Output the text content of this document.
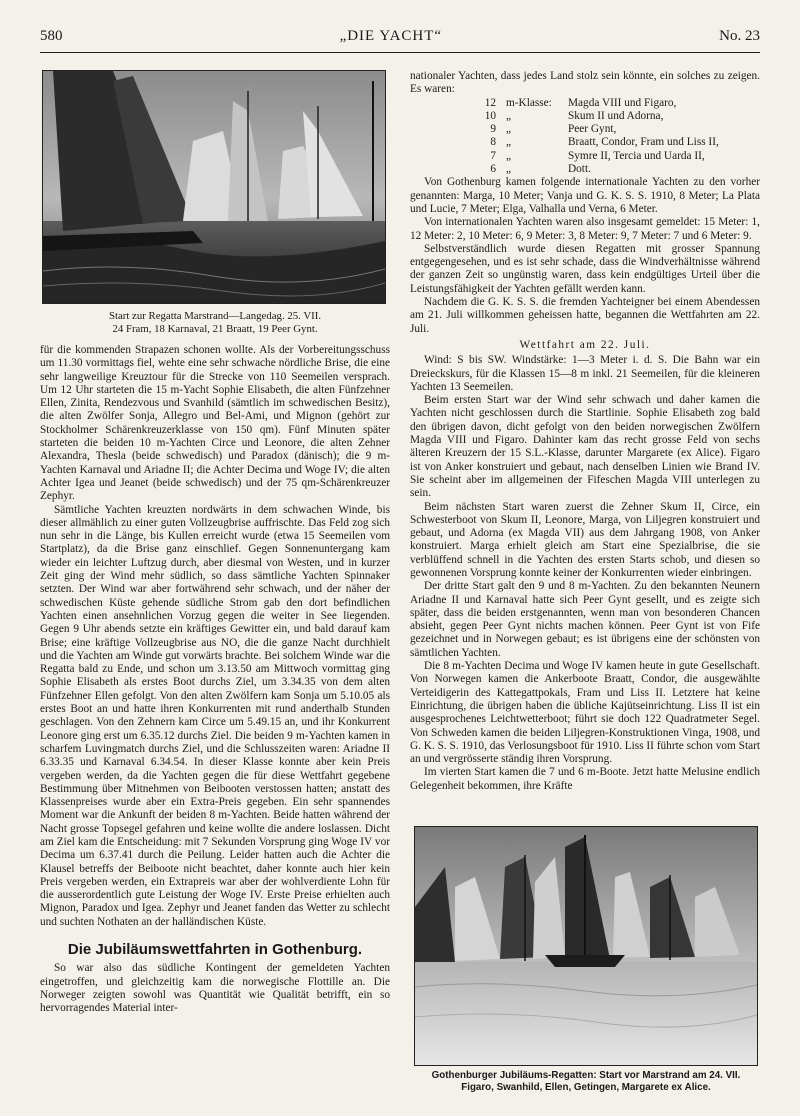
580	„DIE YACHT“	No. 23
Start zur Regatta Marstrand—Langedag. 25. VII.
24 Fram, 18 Karnaval, 21 Braatt, 19 Peer Gynt.

für die kommenden Strapazen schonen wollte. Als der Vorbereitungsschuss um 11.30 vormittags fiel, wehte eine sehr schwache nördliche Brise, die eine sehr langweilige Kreuztour für die Strecke von 110 Seemeilen versprach. Um 12 Uhr starteten die 15 m-Yacht Sophie Elisabeth, die alten Fünfzehner Ellen, Zinita, Rendezvous und Svanhild (sämtlich im schwedischen Besitz), die alten Zwölfer Sonja, Allegro und Bel-Ami, und Mignon (gehört zur Stockholmer Schärenkreuzerklasse von 150 qm). Fünf Minuten später starteten die beiden 10 m-Yachten Circe und Leonore, die alten Zehner Alexandra, Thesla (beide schwedisch) und Paradox (dänisch); die 9 m-Yachten Karnaval und Ariadne II; die Achter Decima und Woge IV; die alten Achter Igea und Jeanet (beide schwedisch) und der 75 qm-Schärenkreuzer Zephyr.

Sämtliche Yachten kreuzten nordwärts in dem schwachen Winde, bis dieser allmählich zu einer guten Vollzeugbrise auffrischte. Das Feld zog sich nun sehr in die Länge, bis Kullen erreicht wurde (etwa 15 Seemeilen vom Startplatz), da die Brise ganz einschlief. Gegen Sonnenuntergang kam wieder ein leichter Luftzug durch, aber diesmal von Westen, und in kurzer Zeit ging der Wind mehr südlich, so dass sämtliche Yachten Spinnaker setzten. Der Wind war aber fortwährend sehr schwach, und der näher der schwedischen Küste gehende südliche Strom gab den dort befindlichen Yachten einen ansehnlichen Vorzug gegen die weiter in See liegenden. Gegen 9 Uhr abends setzte ein kräftiges Gewitter ein, und bald darauf kam Brise; eine kräftige Vollzeugbrise aus NO, die die ganze Nacht durchhielt und die Yachten am Winde gut vorwärts brachte. Bei solchem Winde war die Regatta bald zu Ende, und schon um 3.13.50 am Mittwoch vormittag ging Sophie Elisabeth als erstes Boot durchs Ziel, um 3.34.35 von dem alten Fünfzehner Ellen gefolgt. Von den alten Zwölfern kam Sonja um 5.10.05 als erstes Boot an und hatte ihren Konkurrenten mit rund anderthalb Stunden geschlagen. Von den Zehnern kam Circe um 5.49.15 an, und ihr Konkurrent Leonore ging erst um 6.35.12 durchs Ziel. Die beiden 9 m-Yachten kamen in scharfem Luvingmatch durchs Ziel, und die Schlusszeiten waren: Ariadne II 6.33.35 und Karnaval 6.34.54. In dieser Klasse konnte aber kein Preis vergeben werden, da die Yachten gegen die für diese Wettfahrt gegebene Bestimmung über Mitnehmen von Beibooten verstossen hatten; anstatt des Klassenpreises wurde aber ein Extra-Preis gegeben. Ein sehr spannendes Moment war die Ankunft der beiden 8 m-Yachten. Beide hatten während der Nacht grosse Topsegel gefahren und keine wollte die andere loslassen. Dicht am Ziel kam die Entscheidung: mit 7 Sekunden Vorsprung ging Woge IV vor Decima um 6.37.41 durch die Peilung. Leider hatten auch die Achter die Klausel betreffs der Beiboote nicht beachtet, daher konnte auch hier kein Preis vergeben werden, ein Extrapreis war aber der wohlverdiente Lohn für die ausserordentlich gute Leistung der Woge IV. Erste Preise erhielten auch Mignon, Paradox und Igea. Zephyr und Jeanet fanden das Wetter zu schlecht und suchten Nothaten an der halländischen Küste.

Die Jubiläumswettfahrten in Gothenburg.

So war also das südliche Kontingent der gemeldeten Yachten eingetroffen, und gleichzeitig kam die norwegische Flottille an. Die Norweger zeigten sowohl was Quantität wie Qualität betrifft, ein so hervorragendes Material inter-

nationaler Yachten, dass jedes Land stolz sein könnte, ein solches zu zeigen. Es waren:

12	m-Klasse:	Magda VIII und Figaro,
10	„	Skum II und Adorna,
9	„	Peer Gynt,
8	„	Braatt, Condor, Fram und Liss II,
7	„	Symre II, Tercia und Uarda II,
6	„	Dott.

Von Gothenburg kamen folgende internationale Yachten zu den vorher genannten: Marga, 10 Meter; Vanja und G. K. S. S. 1910, 8 Meter; La Plata und Lucie, 7 Meter; Elga, Valhalla und Verna, 6 Meter.

Von internationalen Yachten waren also insgesamt gemeldet: 15 Meter: 1, 12 Meter: 2, 10 Meter: 6, 9 Meter: 3, 8 Meter: 9, 7 Meter: 7 und 6 Meter: 9.

Selbstverständlich wurde diesen Regatten mit grosser Spannung entgegengesehen, und es ist sehr schade, dass die Windverhältnisse während der ganzen Zeit so ungünstig waren, dass kein endgültiges Urteil über die Leistungsfähigkeit der Yachten gefällt werden kann.

Nachdem die G. K. S. S. die fremden Yachteigner bei einem Abendessen am 21. Juli willkommen geheissen hatte, begannen die Wettfahrten am 22. Juli.

Wettfahrt am 22. Juli.

Wind: S bis SW. Windstärke: 1—3 Meter i. d. S. Die Bahn war ein Dreieckskurs, für die Klassen 15—8 m inkl. 21 Seemeilen, für die kleineren Yachten 13 Seemeilen.

Beim ersten Start war der Wind sehr schwach und daher kamen die Yachten nicht geschlossen durch die Startlinie. Sophie Elisabeth zog bald den übrigen davon, dicht gefolgt von den beiden norwegischen Zwölfern Magda VIII und Figaro. Dahinter kam das recht grosse Feld von sechs älteren Kreuzern der 15 S.L.-Klasse, darunter Margarete (ex Alice). Figaro ist von Anker konstruiert und gebaut, nach denselben Linien wie Brand IV. Sie scheint aber im allgemeinen der Fifeschen Magda VIII unterlegen zu sein.

Beim nächsten Start waren zuerst die Zehner Skum II, Circe, ein Schwesterboot von Skum II, Leonore, Marga, von Liljegren konstruiert und gebaut, und Adorna (ex Magda VII) aus dem Jahrgang 1908, von Anker konstruiert. Marga erhielt gleich am Start eine Spezialbrise, die sie verblüffend schnell in die Yachten des ersten Starts schob, und diesen so gewonnenen Vorsprung konnte keiner der Konkurrenten wieder einbringen.

Der dritte Start galt den 9 und 8 m-Yachten. Zu den bekannten Neunern Ariadne II und Karnaval hatte sich Peer Gynt gesellt, und es zeigte sich später, dass die beiden erstgenannten, wenn man von besonderen Chancen absieht, gegen Peer Gynt nichts machen können. Peer Gynt ist von Fife gezeichnet und in Norwegen gebaut; es ist übrigens eine der schönsten von sämtlichen Yachten.

Die 8 m-Yachten Decima und Woge IV kamen heute in gute Gesellschaft. Von Norwegen kamen die Ankerboote Braatt, Condor, die ausgewählte Verteidigerin des Kattegattpokals, Fram und Liss II. Letztere hat keine Einrichtung, die übrigen haben die übliche Kajütseinrichtung. Liss II ist ein ausgesprochenes Leichtwetterboot; führt sie doch 122 Quadratmeter Segel. Von Schweden kamen die beiden Liljegren-Konstruktionen Vinga, 1908, und G. K. S. S. 1910, das Verlosungsboot für 1910. Liss II führte schon vom Start an und vergrösserte ständig ihren Vorsprung.

Im vierten Start kamen die 7 und 6 m-Boote. Jetzt hatte Melusine endlich Gelegenheit bekommen, ihre Kräfte

Gothenburger Jubiläums-Regatten: Start vor Marstrand am 24. VII.
Figaro, Swanhild, Ellen, Getingen, Margarete ex Alice.
